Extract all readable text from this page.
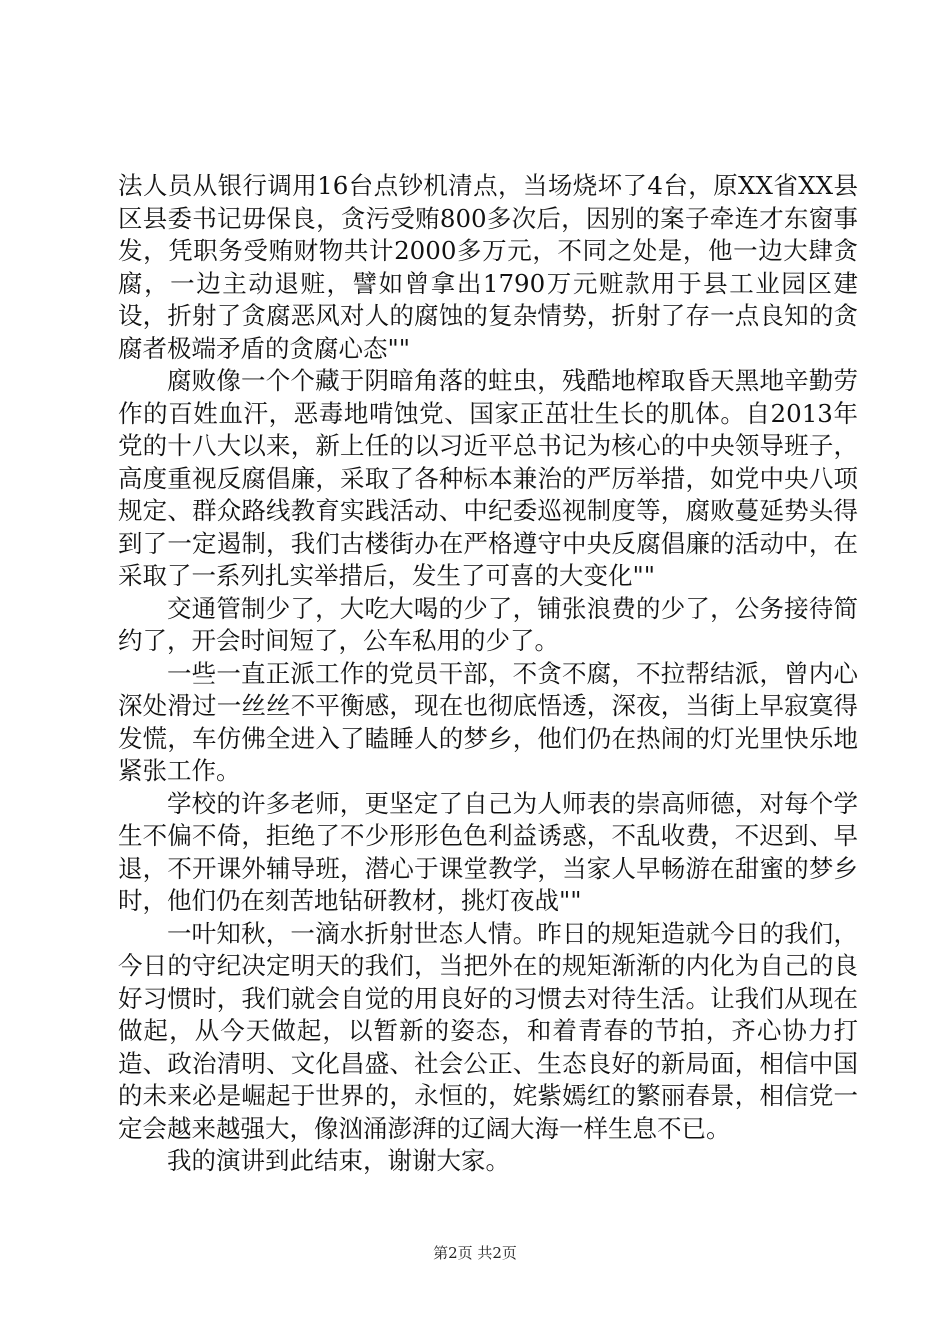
法人员从银行调用16台点钞机清点，当场烧坏了4台，原XX省XX县区县委书记毋保良，贪污受贿800多次后，因别的案子牵连才东窗事发，凭职务受贿财物共计2000多万元，不同之处是，他一边大肆贪腐，一边主动退赃，譬如曾拿出1790万元赃款用于县工业园区建设，折射了贪腐恶风对人的腐蚀的复杂情势，折射了存一点良知的贪腐者极端矛盾的贪腐心态""

腐败像一个个藏于阴暗角落的蛀虫，残酷地榨取昏天黑地辛勤劳作的百姓血汗，恶毒地啃蚀党、国家正茁壮生长的肌体。自2013年党的十八大以来，新上任的以习近平总书记为核心的中央领导班子，高度重视反腐倡廉，采取了各种标本兼治的严厉举措，如党中央八项规定、群众路线教育实践活动、中纪委巡视制度等，腐败蔓延势头得到了一定遏制，我们古楼街办在严格遵守中央反腐倡廉的活动中，在采取了一系列扎实举措后，发生了可喜的大变化""

交通管制少了，大吃大喝的少了，铺张浪费的少了，公务接待简约了，开会时间短了，公车私用的少了。

一些一直正派工作的党员干部，不贪不腐，不拉帮结派，曾内心深处滑过一丝丝不平衡感，现在也彻底悟透，深夜，当街上早寂寞得发慌，车仿佛全进入了瞌睡人的梦乡，他们仍在热闹的灯光里快乐地紧张工作。

学校的许多老师，更坚定了自己为人师表的崇高师德，对每个学生不偏不倚，拒绝了不少形形色色利益诱惑，不乱收费，不迟到、早退，不开课外辅导班，潜心于课堂教学，当家人早畅游在甜蜜的梦乡时，他们仍在刻苦地钻研教材，挑灯夜战""

一叶知秋，一滴水折射世态人情。昨日的规矩造就今日的我们，今日的守纪决定明天的我们，当把外在的规矩渐渐的内化为自己的良好习惯时，我们就会自觉的用良好的习惯去对待生活。让我们从现在做起，从今天做起，以暂新的姿态，和着青春的节拍，齐心协力打造、政治清明、文化昌盛、社会公正、生态良好的新局面，相信中国的未来必是崛起于世界的，永恒的，姹紫嫣红的繁丽春景，相信党一定会越来越强大，像汹涌澎湃的辽阔大海一样生息不已。

我的演讲到此结束，谢谢大家。

第2页 共2页
